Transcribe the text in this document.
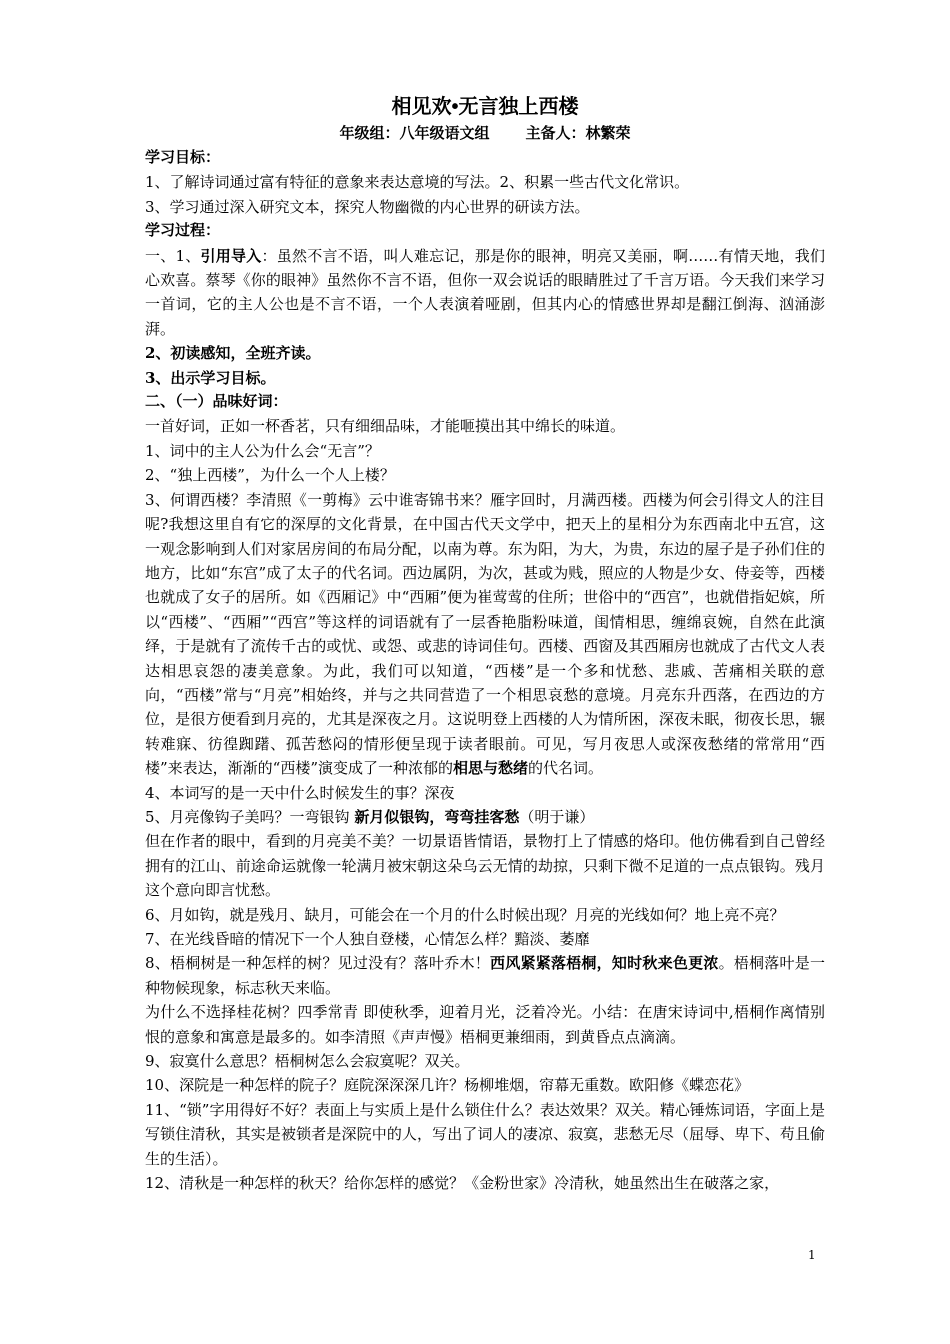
相见欢•无言独上西楼
年级组：八年级语文组 主备人：林繁荣

学习目标：

1、了解诗词通过富有特征的意象来表达意境的写法。2、积累一些古代文化常识。

3、学习通过深入研究文本，探究人物幽微的内心世界的研读方法。

学习过程：

一、1、引用导入：虽然不言不语，叫人难忘记，那是你的眼神，明亮又美丽，啊……有情天地，我们心欢喜。蔡琴《你的眼神》虽然你不言不语，但你一双会说话的眼睛胜过了千言万语。今天我们来学习一首词，它的主人公也是不言不语，一个人表演着哑剧，但其内心的情感世界却是翻江倒海、汹涌澎湃。

2、初读感知，全班齐读。

3、出示学习目标。

二、（一）品味好词：

一首好词，正如一杯香茗，只有细细品味，才能咂摸出其中绵长的味道。

1、词中的主人公为什么会“无言”？

2、“独上西楼”，为什么一个人上楼？

3、何谓西楼？李清照《一剪梅》云中谁寄锦书来？雁字回时，月满西楼。西楼为何会引得文人的注目呢?我想这里自有它的深厚的文化背景，在中国古代天文学中，把天上的星相分为东西南北中五宫，这一观念影响到人们对家居房间的布局分配，以南为尊。东为阳，为大，为贵，东边的屋子是子孙们住的地方，比如“东宫”成了太子的代名词。西边属阴，为次，甚或为贱，照应的人物是少女、侍妾等，西楼也就成了女子的居所。如《西厢记》中“西厢”便为崔莺莺的住所；世俗中的“西宫”，也就借指妃嫔，所以“西楼”、“西厢”“西宫”等这样的词语就有了一层香艳脂粉味道，闺情相思，缠绵哀婉，自然在此演绎，于是就有了流传千古的或忧、或怨、或悲的诗词佳句。西楼、西窗及其西厢房也就成了古代文人表达相思哀怨的凄美意象。为此，我们可以知道，“西楼”是一个多和忧愁、悲戚、苦痛相关联的意向，“西楼”常与“月亮”相始终，并与之共同营造了一个相思哀愁的意境。月亮东升西落，在西边的方位，是很方便看到月亮的，尤其是深夜之月。这说明登上西楼的人为情所困，深夜未眠，彻夜长思，辗转难寐、彷徨踟躇、孤苦愁闷的情形便呈现于读者眼前。可见，写月夜思人或深夜愁绪的常常用“西楼”来表达，渐渐的“西楼”演变成了一种浓郁的相思与愁绪的代名词。

4、本词写的是一天中什么时候发生的事？深夜

5、月亮像钩子美吗？一弯银钩 新月似银钩，弯弯挂客愁（明于谦）

但在作者的眼中，看到的月亮美不美？一切景语皆情语，景物打上了情感的烙印。他仿佛看到自己曾经拥有的江山、前途命运就像一轮满月被宋朝这朵乌云无情的劫掠，只剩下微不足道的一点点银钩。残月这个意向即言忧愁。

6、月如钩，就是残月、缺月，可能会在一个月的什么时候出现？月亮的光线如何？地上亮不亮？

7、在光线昏暗的情况下一个人独自登楼，心情怎么样？黯淡、萎靡

8、梧桐树是一种怎样的树？见过没有？落叶乔木！西风紧紧落梧桐，知时秋来色更浓。梧桐落叶是一种物候现象，标志秋天来临。

为什么不选择桂花树？四季常青 即使秋季，迎着月光，泛着冷光。小结：在唐宋诗词中,梧桐作离情别恨的意象和寓意是最多的。如李清照《声声慢》梧桐更兼细雨，到黄昏点点滴滴。

9、寂寞什么意思？梧桐树怎么会寂寞呢？双关。

10、深院是一种怎样的院子？庭院深深深几许？杨柳堆烟，帘幕无重数。欧阳修《蝶恋花》

11、“锁”字用得好不好？表面上与实质上是什么锁住什么？表达效果？双关。精心锤炼词语，字面上是写锁住清秋，其实是被锁者是深院中的人，写出了词人的凄凉、寂寞，悲愁无尽（屈辱、卑下、苟且偷生的生活）。

12、清秋是一种怎样的秋天？给你怎样的感觉？《金粉世家》冷清秋，她虽然出生在破落之家，

1
